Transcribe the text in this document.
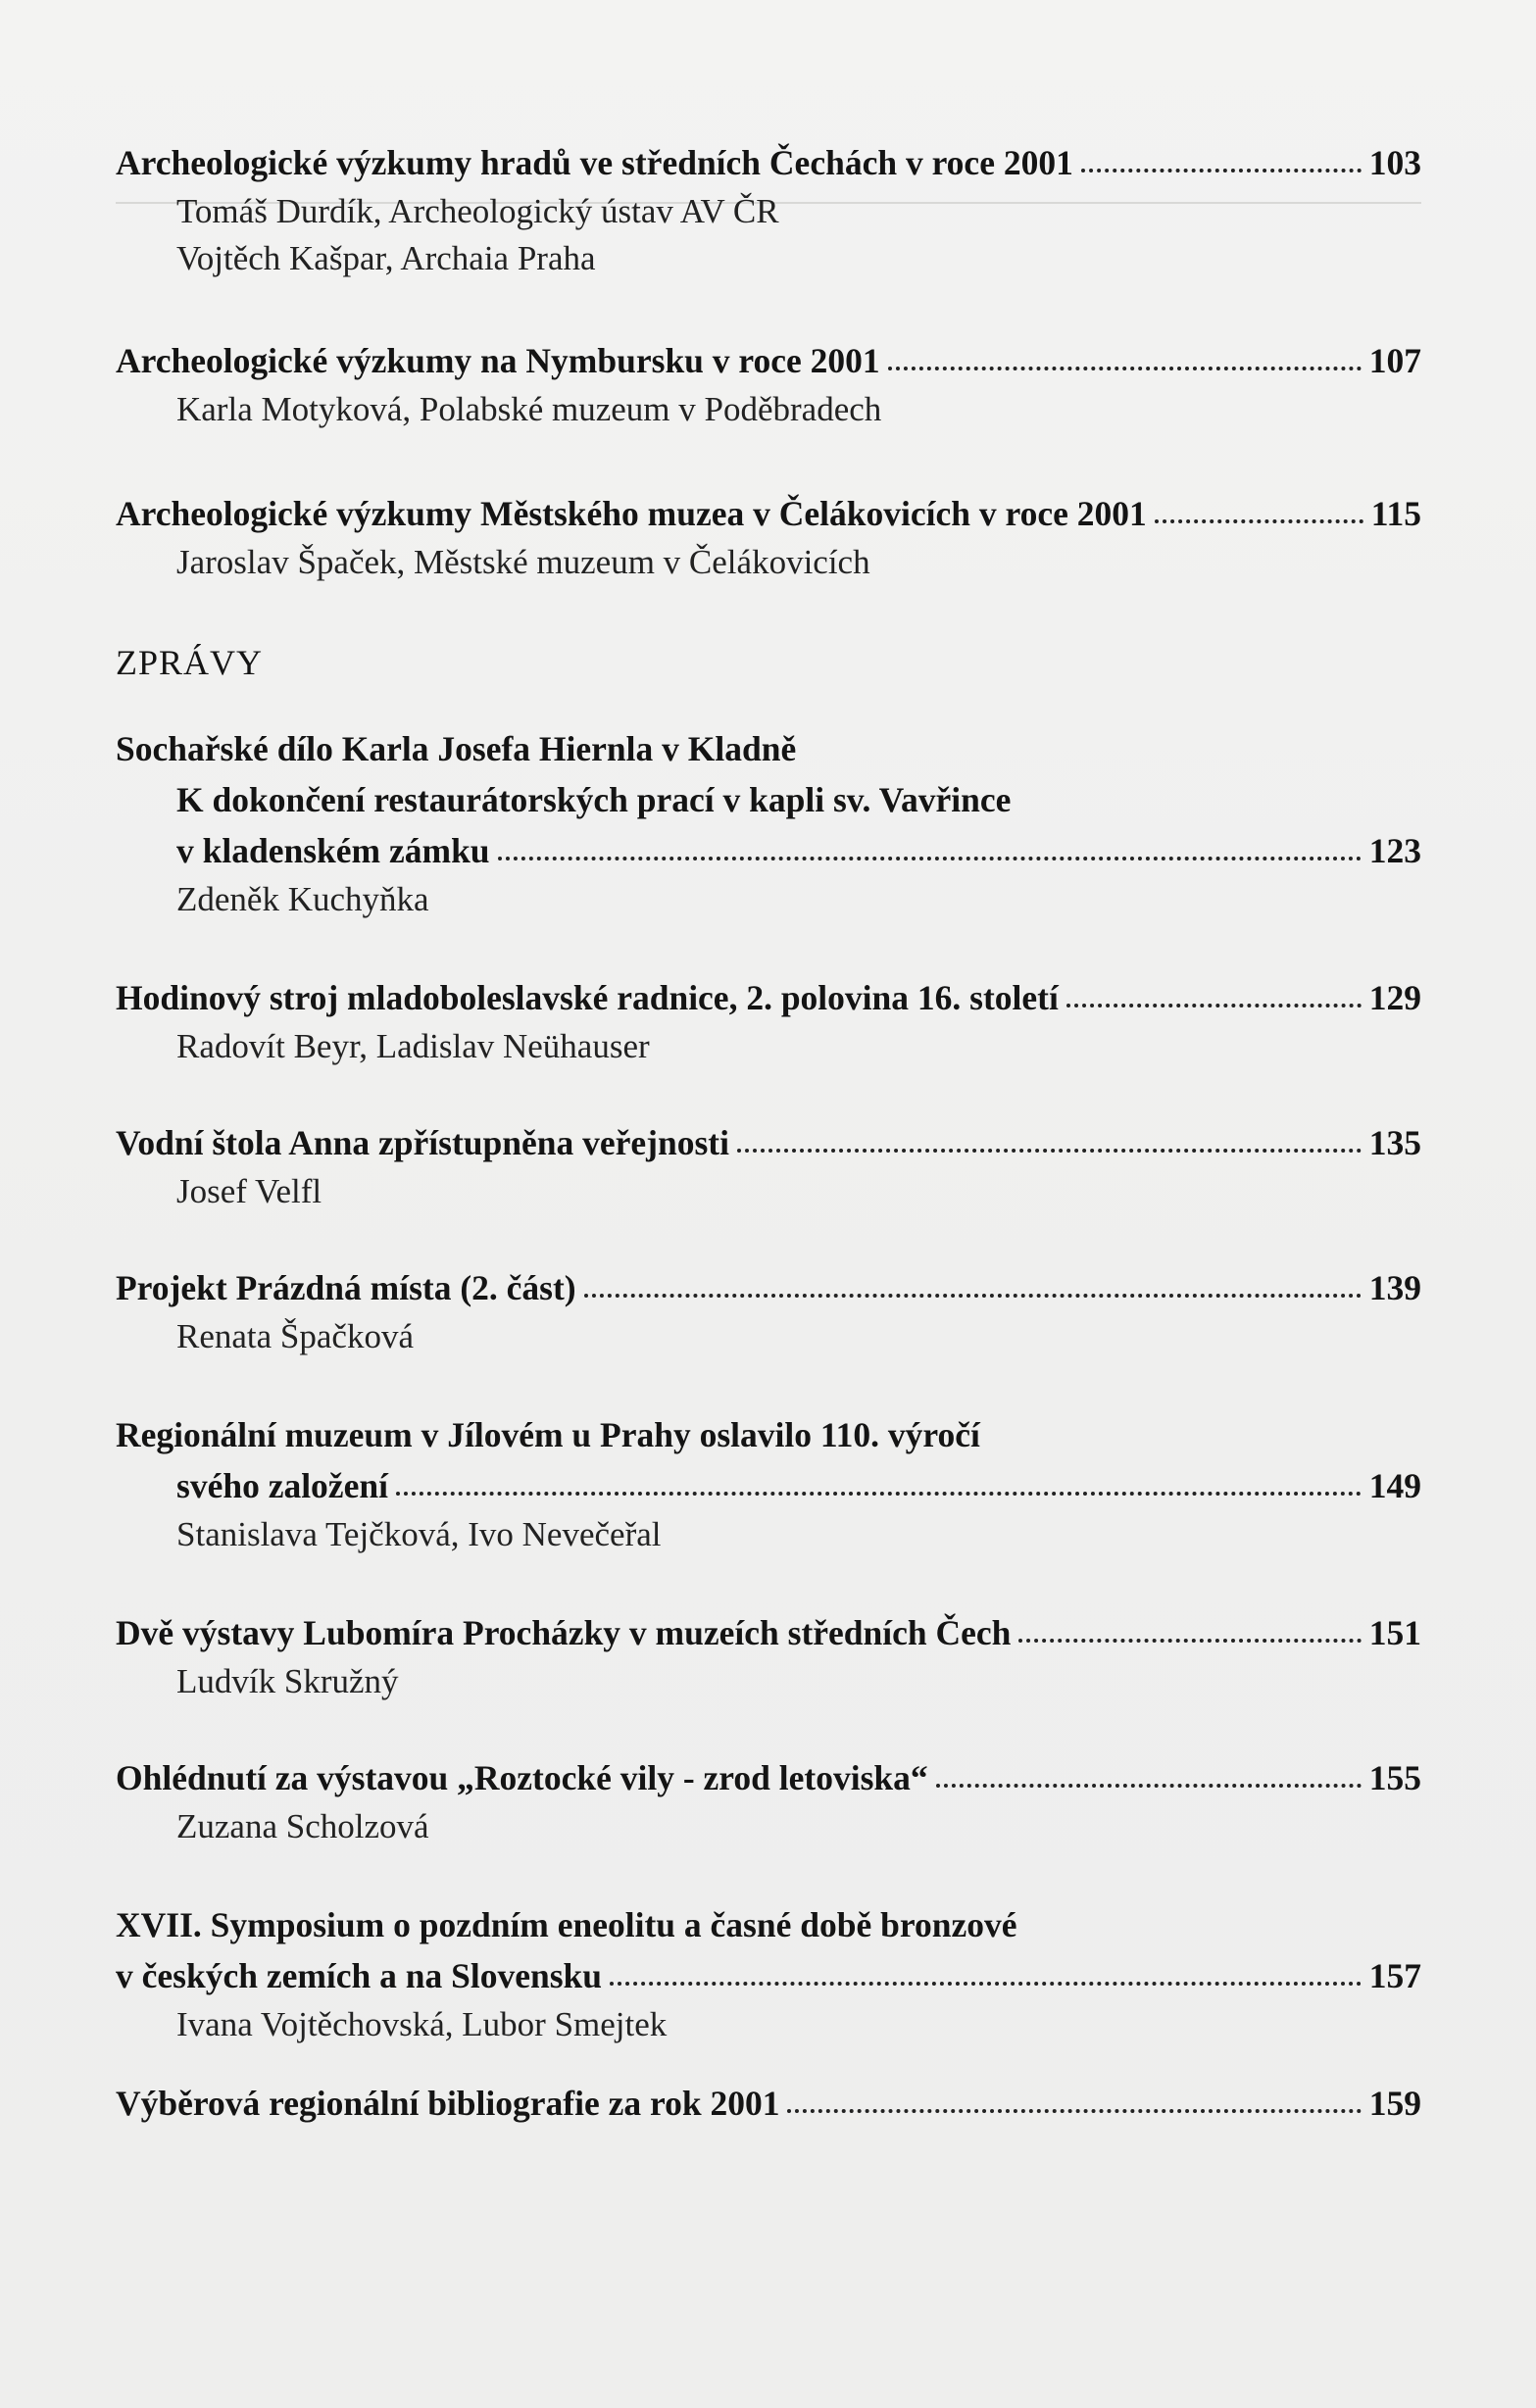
Archeologické výzkumy hradů ve středních Čechách v roce 2001	103
Tomáš Durdík, Archeologický ústav AV ČR
Vojtěch Kašpar, Archaia Praha
Archeologické výzkumy na Nymbursku v roce 2001	107
Karla Motyková, Polabské muzeum v Poděbradech
Archeologické výzkumy Městského muzea v Čelákovicích v roce 2001	115
Jaroslav Špaček, Městské muzeum v Čelákovicích
ZPRÁVY
Sochařské dílo Karla Josefa Hiernla v Kladně
K dokončení restaurátorských prací v kapli sv. Vavřince
v kladenském zámku	123
Zdeněk Kuchyňka
Hodinový stroj mladoboleslavské radnice, 2. polovina 16. století	129
Radovít Beyr, Ladislav Neühauser
Vodní štola Anna zpřístupněna veřejnosti	135
Josef Velfl
Projekt Prázdná místa (2. část)	139
Renata Špačková
Regionální muzeum v Jílovém u Prahy oslavilo 110. výročí
svého založení	149
Stanislava Tejčková, Ivo Nevečeřal
Dvě výstavy Lubomíra Procházky v muzeích středních Čech	151
Ludvík Skružný
Ohlédnutí za výstavou „Roztocké vily - zrod letoviska“	155
Zuzana Scholzová
XVII. Symposium o pozdním eneolitu a časné době bronzové
v českých zemích a na Slovensku	157
Ivana Vojtěchovská, Lubor Smejtek
Výběrová regionální bibliografie za rok 2001	159
